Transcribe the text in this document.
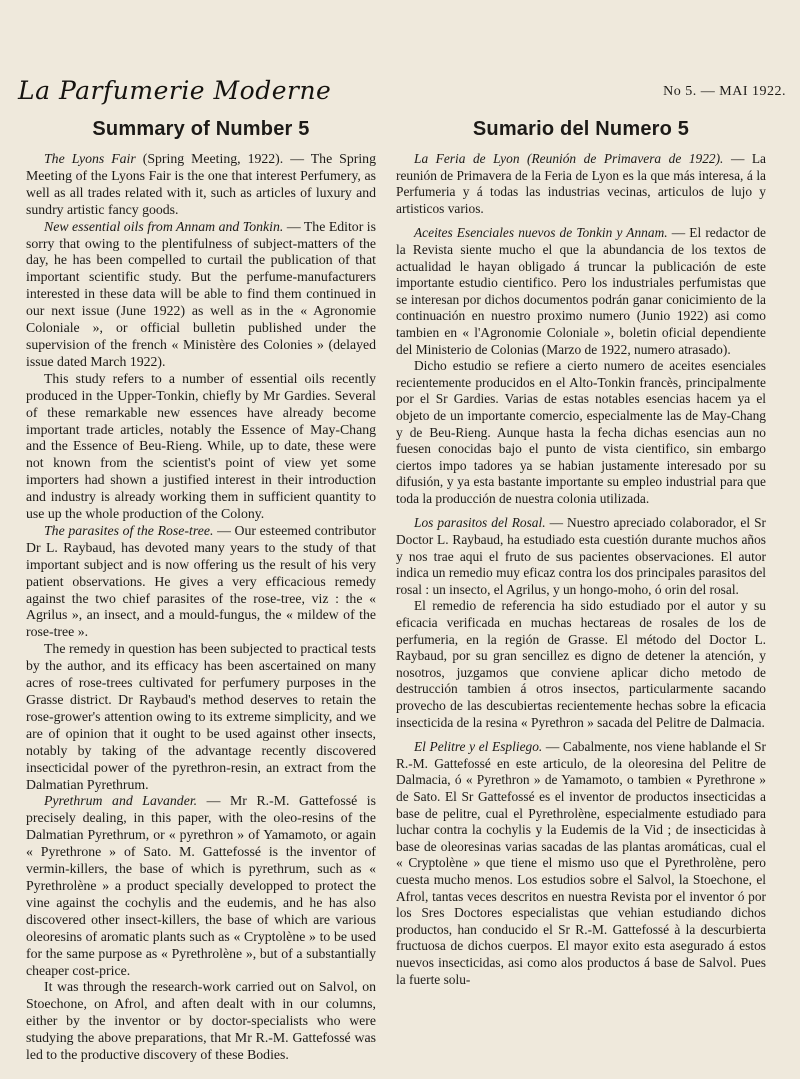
La Parfumerie Moderne	No 5. — MAI 1922.
Summary of Number 5

The Lyons Fair (Spring Meeting, 1922). — The Spring Meeting of the Lyons Fair is the one that interest Perfumery, as well as all trades related with it, such as articles of luxury and sundry artistic fancy goods.

New essential oils from Annam and Tonkin. — The Editor is sorry that owing to the plentifulness of subject-matters of the day, he has been compelled to curtail the publication of that important scientific study. But the perfume-manufacturers interested in these data will be able to find them continued in our next issue (June 1922) as well as in the « Agronomie Coloniale », or official bulletin published under the supervision of the french « Ministère des Colonies » (delayed issue dated March 1922).

This study refers to a number of essential oils recently produced in the Upper-Tonkin, chiefly by Mr Gardies. Several of these remarkable new essences have already become important trade articles, notably the Essence of May-Chang and the Essence of Beu-Rieng. While, up to date, these were not known from the scientist's point of view yet some importers had shown a justified interest in their introduction and industry is already working them in sufficient quantity to use up the whole production of the Colony.

The parasites of the Rose-tree. — Our esteemed contributor Dr L. Raybaud, has devoted many years to the study of that important subject and is now offering us the result of his very patient observations. He gives a very efficacious remedy against the two chief parasites of the rose-tree, viz : the « Agrilus », an insect, and a mould-fungus, the « mildew of the rose-tree ».

The remedy in question has been subjected to practical tests by the author, and its efficacy has been ascertained on many acres of rose-trees cultivated for perfumery purposes in the Grasse district. Dr Raybaud's method deserves to retain the rose-grower's attention owing to its extreme simplicity, and we are of opinion that it ought to be used against other insects, notably by taking of the advantage recently discovered insecticidal power of the pyrethron-resin, an extract from the Dalmatian Pyrethrum.

Pyrethrum and Lavander. — Mr R.-M. Gattefossé is precisely dealing, in this paper, with the oleo-resins of the Dalmatian Pyrethrum, or « pyrethron » of Yamamoto, or again « Pyrethrone » of Sato. M. Gattefossé is the inventor of vermin-killers, the base of which is pyrethrum, such as « Pyrethrolène » a product specially developped to protect the vine against the cochylis and the eudemis, and he has also discovered other insect-killers, the base of which are various oleoresins of aromatic plants such as « Cryptolène » to be used for the same purpose as « Pyrethrolène », but of a substantially cheaper cost-price.

It was through the research-work carried out on Salvol, on Stoechone, on Afrol, and aften dealt with in our columns, either by the inventor or by doctor-specialists who were studying the above preparations, that Mr R.-M. Gattefossé was led to the productive discovery of these Bodies.

Sumario del Numero 5

La Feria de Lyon (Reunión de Primavera de 1922). — La reunión de Primavera de la Feria de Lyon es la que más interesa, á la Perfumeria y á todas las industrias vecinas, articulos de lujo y artisticos varios.

Aceites Esenciales nuevos de Tonkin y Annam. — El redactor de la Revista siente mucho el que la abundancia de los textos de actualidad le hayan obligado á truncar la publicación de este importante estudio cientifico. Pero los industriales perfumistas que se interesan por dichos documentos podrán ganar conicimiento de la continuación en nuestro proximo numero (Junio 1922) asi como tambien en « l'Agronomie Coloniale », boletin oficial dependiente del Ministerio de Colonias (Marzo de 1922, numero atrasado).

Dicho estudio se refiere a cierto numero de aceites esenciales recientemente producidos en el Alto-Tonkin francès, principalmente por el Sr Gardies. Varias de estas notables esencias hacem ya el objeto de un importante comercio, especialmente las de May-Chang y de Beu-Rieng. Aunque hasta la fecha dichas esencias aun no fuesen conocidas bajo el punto de vista cientifico, sin embargo ciertos impo tadores ya se habian justamente interesado por su difusión, y ya esta bastante importante su empleo industrial para que toda la producción de nuestra colonia utilizada.

Los parasitos del Rosal. — Nuestro apreciado colaborador, el Sr Doctor L. Raybaud, ha estudiado esta cuestión durante muchos años y nos trae aqui el fruto de sus pacientes observaciones. El autor indica un remedio muy eficaz contra los dos principales parasitos del rosal : un insecto, el Agrilus, y un hongo-moho, ó orin del rosal.

El remedio de referencia ha sido estudiado por el autor y su eficacia verificada en muchas hectareas de rosales de los de perfumeria, en la región de Grasse. El método del Doctor L. Raybaud, por su gran sencillez es digno de detener la atención, y nosotros, juzgamos que conviene aplicar dicho metodo de destrucción tambien á otros insectos, particularmente sacando provecho de las descubiertas recientemente hechas sobre la eficacia insecticida de la resina « Pyrethron » sacada del Pelitre de Dalmacia.

El Pelitre y el Espliego. — Cabalmente, nos viene hablande el Sr R.-M. Gattefossé en este articulo, de la oleoresina del Pelitre de Dalmacia, ó « Pyrethron » de Yamamoto, o tambien « Pyrethrone » de Sato. El Sr Gattefossé es el inventor de productos insecticidas a base de pelitre, cual el Pyrethrolène, especialmente estudiado para luchar contra la cochylis y la Eudemis de la Vid ; de insecticidas à base de oleoresinas varias sacadas de las plantas aromáticas, cual el « Cryptolène » que tiene el mismo uso que el Pyrethrolène, pero cuesta mucho menos. Los estudios sobre el Salvol, la Stoechone, el Afrol, tantas veces descritos en nuestra Revista por el inventor ó por los Sres Doctores especialistas que vehian estudiando dichos productos, han conducido el Sr R.-M. Gattefossé à la descurbierta fructuosa de dichos cuerpos. El mayor exito esta asegurado á estos nuevos insecticidas, asi como alos productos á base de Salvol. Pues la fuerte solu-
